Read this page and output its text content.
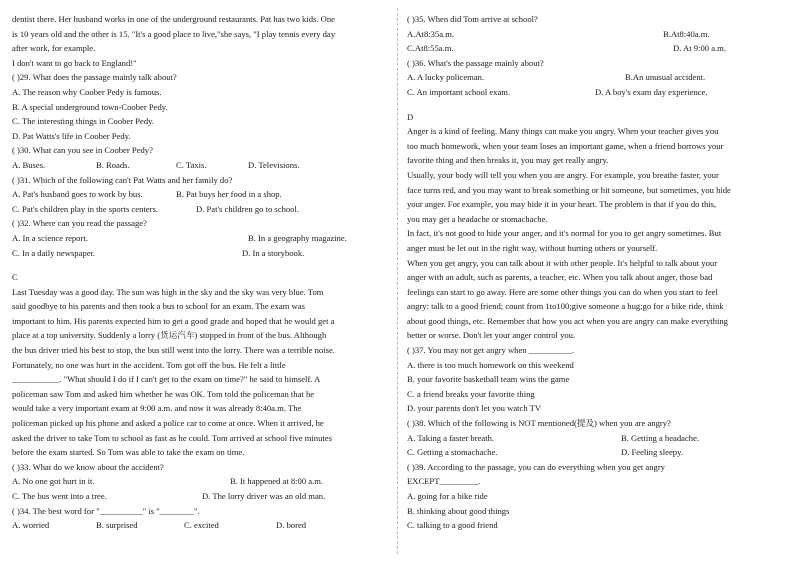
dentist there. Her husband works in one of the underground restaurants. Pat has two kids. One
is 10 years old and the other is 15. "It's a good place to live,"she says, "I play tennis every day
after work, for example.
I don't want to go back to England!"
( )29. What does the passage mainly talk about?
A. The reason why Coober Pedy is famous.
B. A special underground town-Coober Pedy.
C. The interesting things in Coober Pedy.
D. Pat Watts's life in Coober Pedy.
( )30. What can you see in Coober Pedy?
A. Buses.	B. Roads.	C. Taxis.	D. Televisions.
( )31. Which of the following can't Pat Watts and her family do?
A. Pat's husband goes to work by bus.	B. Pat buys her food in a shop.
C. Pat's children play in the sports centers.	D. Pat's children go to school.
( )32. Where can you read the passage?
A. In a science report.	B. In a geography magazine.
C. In a daily newspaper.	D. In a storybook.
C
Last Tuesday was a good day. The sun was high in the sky and the sky was very blue. Tom
said goodbye to his parents and then took a bus to school for an exam. The exam was
important to him. His parents expected him to get a good grade and hoped that he would get a
place at a top university. Suddenly a lorry (货运汽车) stopped in front of the bus. Although
the bus driver tried his best to stop, the bus still went into the lorry. There was a terrible noise.
Fortunately, no one was hurt in the accident. Tom got off the bus. He felt a little
___________. "What should I do if I can't get to the exam on time?" he said to himself. A
policeman saw Tom and asked him whether he was OK. Tom told the policeman that he
would take a very important exam at 9:00 a.m. and now it was already 8:40a.m. The
policeman picked up his phone and asked a police car to come at once. When it arrived, he
asked the driver to take Tom to school as fast as he could. Tom arrived at school five minutes
before the exam started. So Tom was able to take the exam on time.
( )33. What do we know about the accident?
A. No one got hurt in it.	B. It happened at 8:00 a.m.
C. The bus went into a tree.	D. The lorry driver was an old man.
( )34. The best word for "__________" is "________".
A. worried	B. surprised	C. excited	D. bored
( )35. When did Tom arrive at school?
A.At8:35a.m.	B.At8:40a.m.
C.At8:55a.m.	D. At 9:00 a.m.
( )36. What's the passage mainly about?
A. A lucky policeman.	B.An unusual accident.
C. An important school exam.	D. A boy's exam day experience.
D
Anger is a kind of feeling. Many things can make you angry. When your teacher gives you
too much homework, when your team loses an important game, when a friend borrows your
favorite thing and then breaks it, you may get really angry.
Usually, your body will tell you when you are angry. For example, you breathe faster, your
face turns red, and you may want to break something or hit someone, but sometimes, you hide
your anger. For example, you may hide it in your heart. The problem is that if you do this,
you may get a headache or stomachache.
In fact, it's not good to hide your anger, and it's normal for you to get angry sometimes. But
anger must be let out in the right way, without hurting others or yourself.
When you get angry, you can talk about it with other people. It's helpful to talk about your
anger with an adult, such as parents, a teacher, etc. When you talk about anger, those bad
feelings can start to go away. Here are some other things you can do when you start to feel
angry: talk to a good friend; count from 1to100;give someone a hug;go for a bike ride, think
about good things, etc. Remember that how you act when you are angry can make everything
better or worse. Don't let your anger control you.
( )37. You may not get angry when __________.
A. there is too much homework on this weekend
B. your favorite basketball team wins the game
C. a friend breaks your favorite thing
D. your parents don't let you watch TV
( )38. Which of the following is NOT mentioned(提及) when you are angry?
A. Taking a faster breath.	B. Getting a headache.
C. Getting a stomachache.	D. Feeling sleepy.
( )39. According to the passage, you can do everything when you get angry
EXCEPT_________.
A. going for a bike ride
B. thinking about good things
C. talking to a good friend
